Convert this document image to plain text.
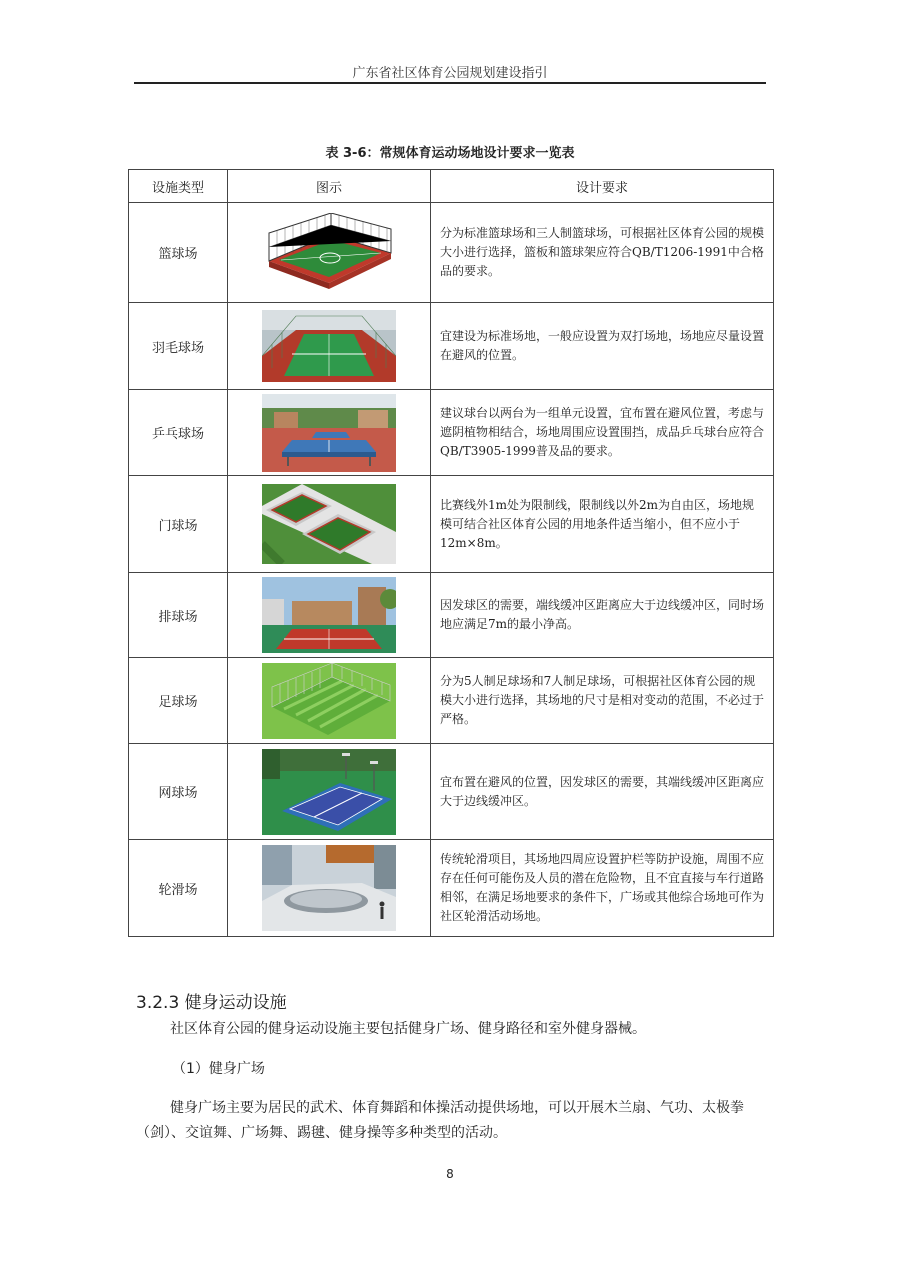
广东省社区体育公园规划建设指引
表 3-6：常规体育运动场地设计要求一览表
设施类型	图示	设计要求
篮球场		分为标准篮球场和三人制篮球场，可根据社区体育公园的规模大小进行选择，篮板和篮球架应符合QB/T1206-1991中合格品的要求。
羽毛球场		宜建设为标准场地，一般应设置为双打场地，场地应尽量设置在避风的位置。
乒乓球场		建议球台以两台为一组单元设置，宜布置在避风位置，考虑与遮阴植物相结合，场地周围应设置围挡，成品乒乓球台应符合QB/T3905-1999普及品的要求。
门球场		比赛线外1m处为限制线，限制线以外2m为自由区，场地规模可结合社区体育公园的用地条件适当缩小，但不应小于12m×8m。
排球场		因发球区的需要，端线缓冲区距离应大于边线缓冲区，同时场地应满足7m的最小净高。
足球场		分为5人制足球场和7人制足球场，可根据社区体育公园的规模大小进行选择，其场地的尺寸是相对变动的范围，不必过于严格。
网球场		宜布置在避风的位置，因发球区的需要，其端线缓冲区距离应大于边线缓冲区。
轮滑场		传统轮滑项目，其场地四周应设置护栏等防护设施，周围不应存在任何可能伤及人员的潜在危险物，且不宜直接与车行道路相邻，在满足场地要求的条件下，广场或其他综合场地可作为社区轮滑活动场地。
3.2.3 健身运动设施
社区体育公园的健身运动设施主要包括健身广场、健身路径和室外健身器械。
（1）健身广场
健身广场主要为居民的武术、体育舞蹈和体操活动提供场地，可以开展木兰扇、气功、太极拳（剑）、交谊舞、广场舞、踢毽、健身操等多种类型的活动。
8
